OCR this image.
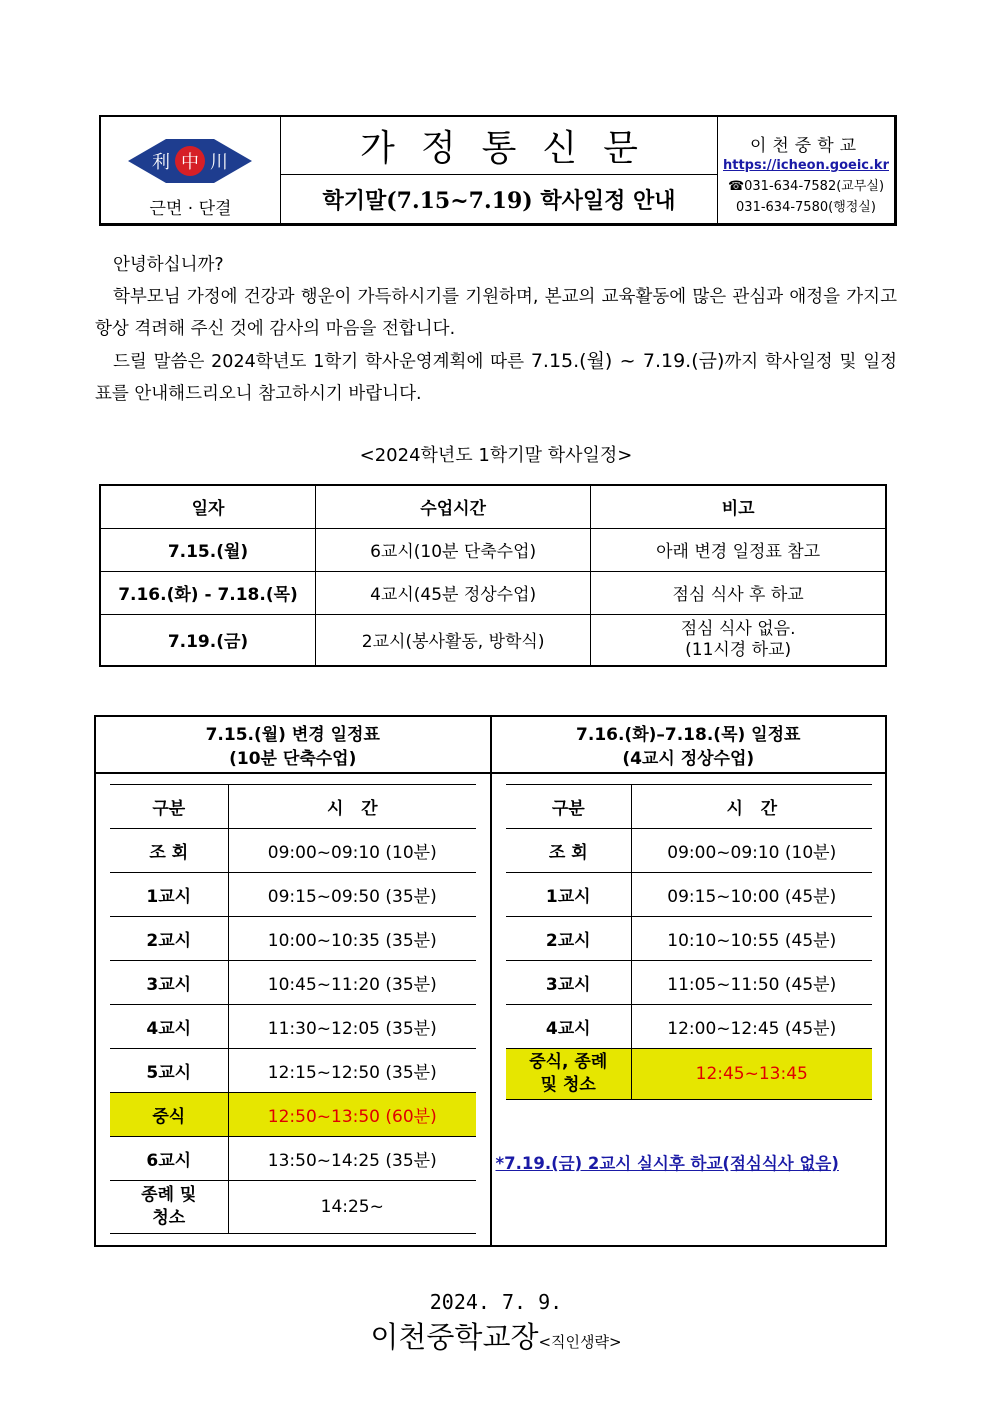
利 中 川
근면 · 단결
가정통신문
학기말(7.15~7.19) 학사일정 안내
이천중학교
https://icheon.goeic.kr
☎031-634-7582(교무실)
031-634-7580(행정실)
안녕하십니까?
학부모님 가정에 건강과 행운이 가득하시기를 기원하며, 본교의 교육활동에 많은 관심과 애정을 가지고 항상 격려해 주신 것에 감사의 마음을 전합니다.
드릴 말씀은 2024학년도 1학기 학사운영계획에 따른 7.15.(월) ~ 7.19.(금)까지 학사일정 및 일정표를 안내해드리오니 참고하시기 바랍니다.
<2024학년도 1학기말 학사일정>
일자	수업시간	비고
7.15.(월)	6교시(10분 단축수업)	아래 변경 일정표 참고
7.16.(화) - 7.18.(목)	4교시(45분 정상수업)	점심 식사 후 하교
7.19.(금)	2교시(봉사활동, 방학식)	점심 식사 없음.
(11시경 하교)
7.15.(월) 변경 일정표
(10분 단축수업)
구분	시   간
조 회	09:00~09:10 (10분)
1교시	09:15~09:50 (35분)
2교시	10:00~10:35 (35분)
3교시	10:45~11:20 (35분)
4교시	11:30~12:05 (35분)
5교시	12:15~12:50 (35분)
중식	12:50~13:50 (60분)
6교시	13:50~14:25 (35분)
종례 및
청소	14:25~
7.16.(화)–7.18.(목) 일정표
(4교시 정상수업)
구분	시   간
조 회	09:00~09:10 (10분)
1교시	09:15~10:00 (45분)
2교시	10:10~10:55 (45분)
3교시	11:05~11:50 (45분)
4교시	12:00~12:45 (45분)
중식, 종례
및 청소	12:45~13:45
*7.19.(금) 2교시 실시후 하교(점심식사 없음)
2024. 7. 9.
이천중학교장<직인생략>
